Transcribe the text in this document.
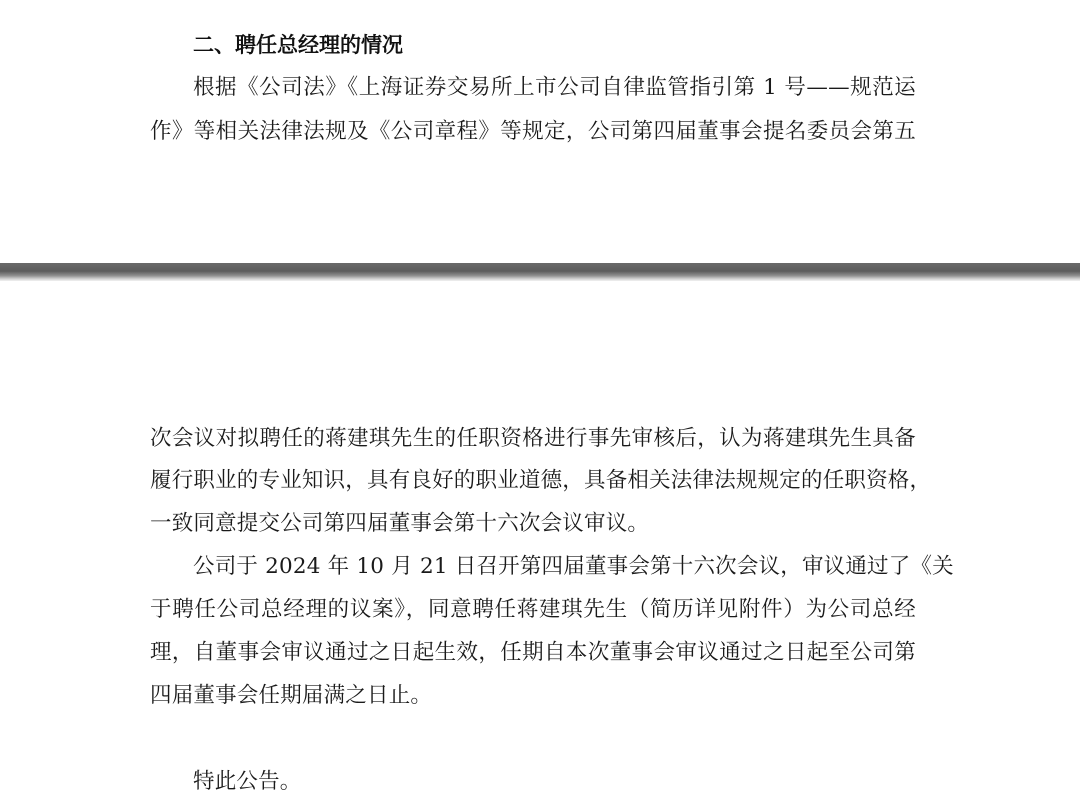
二、聘任总经理的情况
根据《公司法》《上海证券交易所上市公司自律监管指引第 1 号——规范运
作》等相关法律法规及《公司章程》等规定，公司第四届董事会提名委员会第五
次会议对拟聘任的蒋建琪先生的任职资格进行事先审核后，认为蒋建琪先生具备
履行职业的专业知识，具有良好的职业道德，具备相关法律法规规定的任职资格，
一致同意提交公司第四届董事会第十六次会议审议。
公司于 2024 年 10 月 21 日召开第四届董事会第十六次会议，审议通过了《关
于聘任公司总经理的议案》，同意聘任蒋建琪先生（简历详见附件）为公司总经
理，自董事会审议通过之日起生效，任期自本次董事会审议通过之日起至公司第
四届董事会任期届满之日止。
特此公告。
